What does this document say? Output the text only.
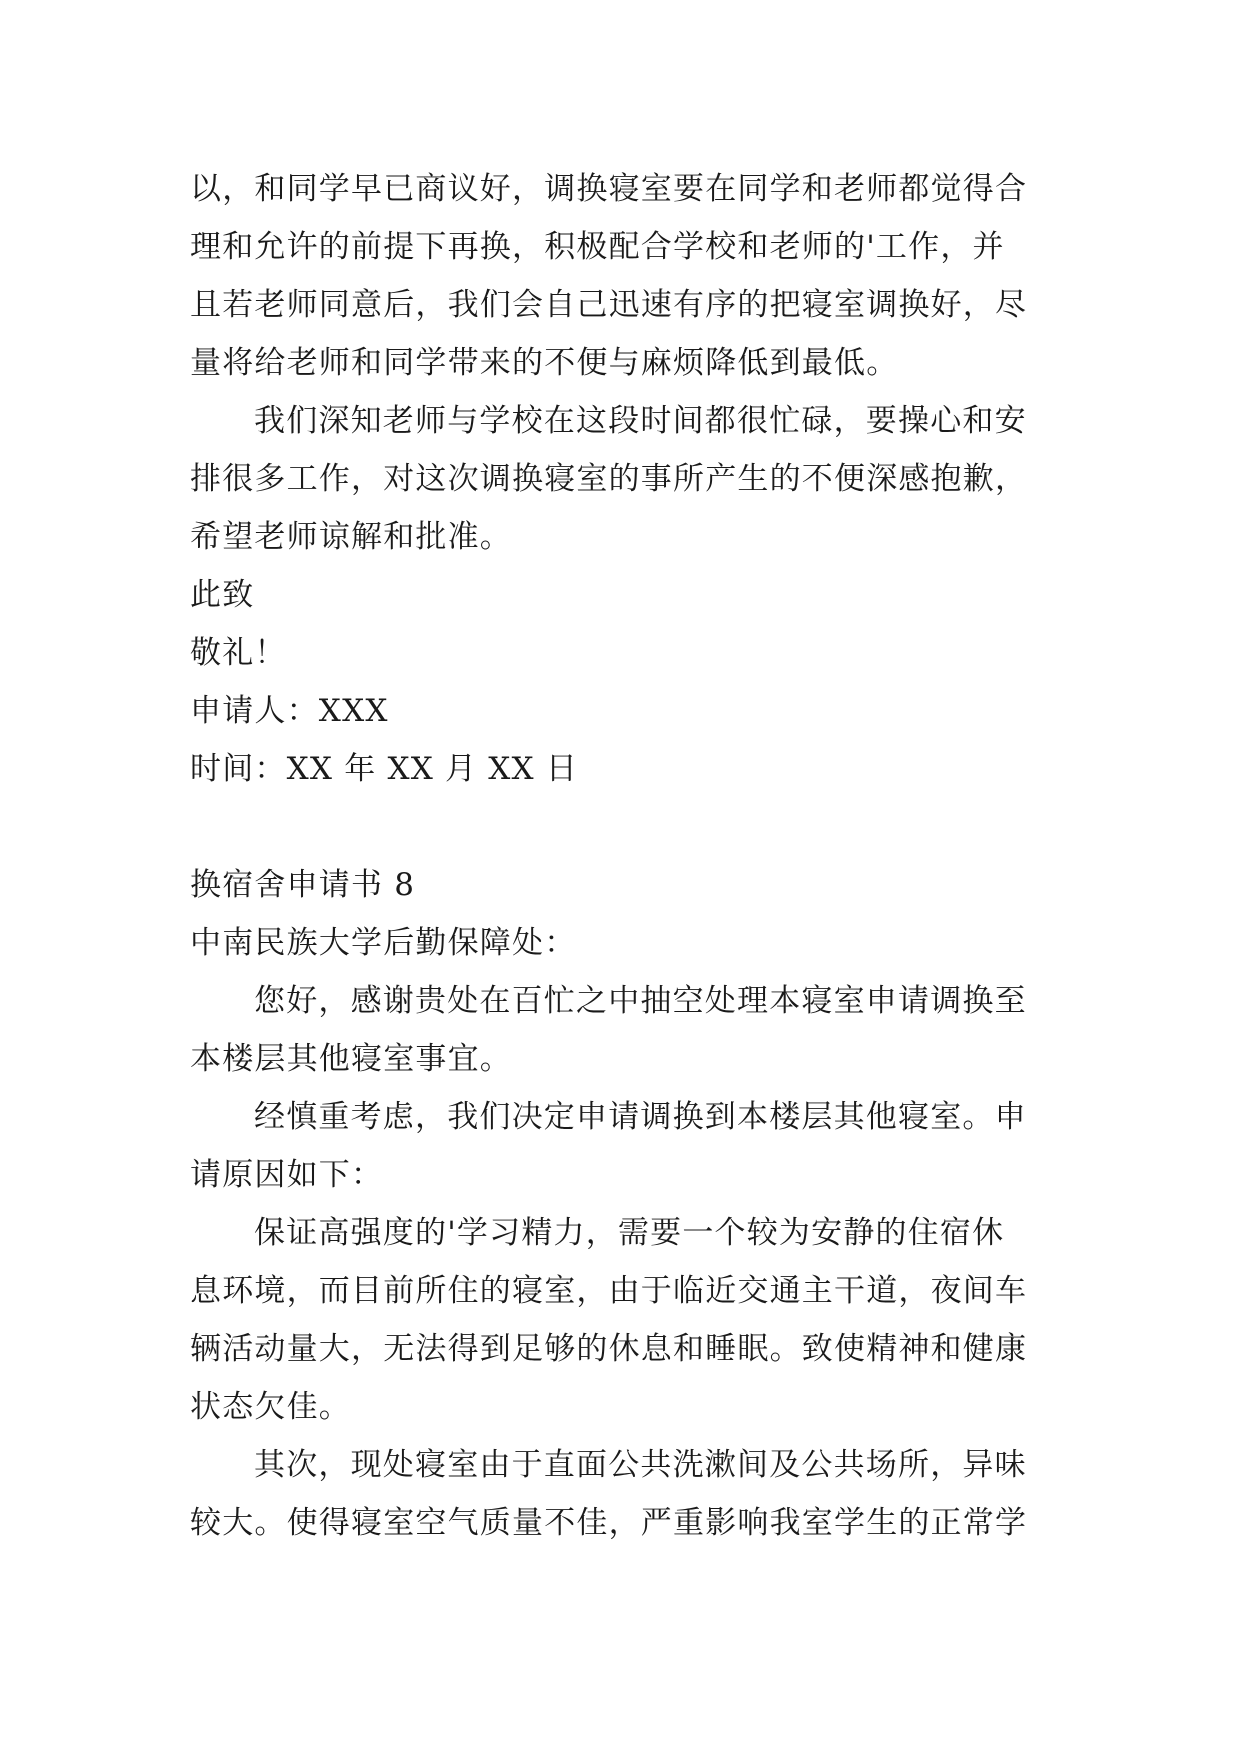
以，和同学早已商议好，调换寝室要在同学和老师都觉得合
理和允许的前提下再换，积极配合学校和老师的'工作，并
且若老师同意后，我们会自己迅速有序的把寝室调换好，尽
量将给老师和同学带来的不便与麻烦降低到最低。
我们深知老师与学校在这段时间都很忙碌，要操心和安
排很多工作，对这次调换寝室的事所产生的不便深感抱歉，
希望老师谅解和批准。
此致
敬礼！
申请人：XXX
时间：XX 年 XX 月 XX 日
换宿舍申请书 8
中南民族大学后勤保障处：
您好，感谢贵处在百忙之中抽空处理本寝室申请调换至
本楼层其他寝室事宜。
经慎重考虑，我们决定申请调换到本楼层其他寝室。申
请原因如下：
保证高强度的'学习精力，需要一个较为安静的住宿休
息环境，而目前所住的寝室，由于临近交通主干道，夜间车
辆活动量大，无法得到足够的休息和睡眠。致使精神和健康
状态欠佳。
其次，现处寝室由于直面公共洗漱间及公共场所，异味
较大。使得寝室空气质量不佳，严重影响我室学生的正常学
